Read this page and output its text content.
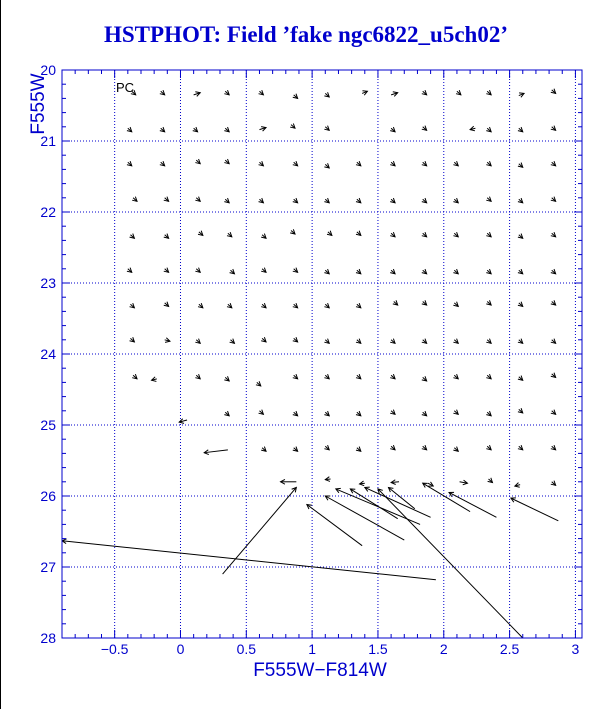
HSTPHOT: Field ’fake ngc6822_u5ch02’
−0.5	0	0.5	1	1.5	2	2.5	3
20
21
22
23
24
25
26
27
28
PC
F555W−F814W
F555W
